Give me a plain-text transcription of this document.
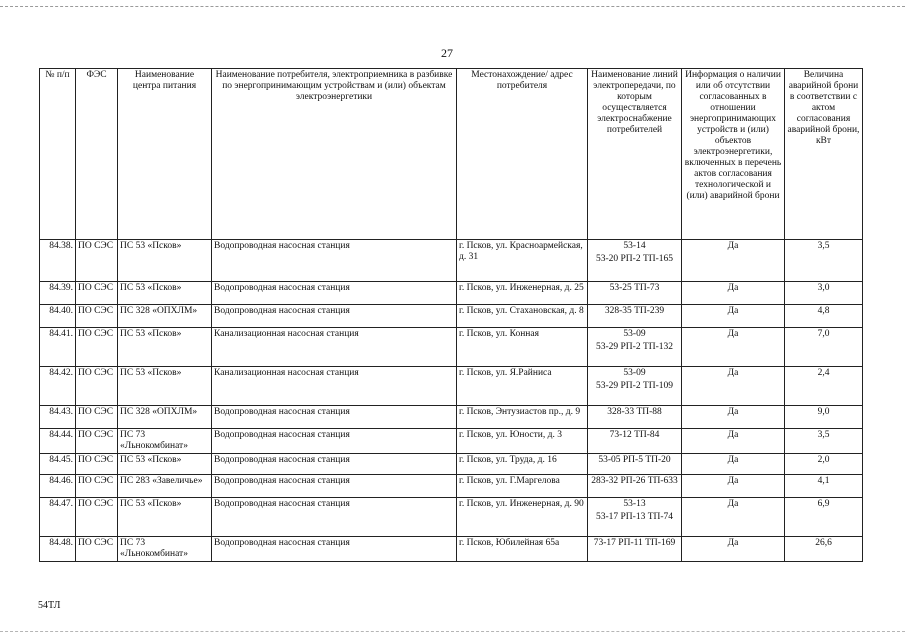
27
№ п/п	ФЭС	Наименование центра питания	Наименование потребителя, электроприемника в разбивке по энергопринимающим устройствам и (или) объектам электроэнергетики	Местонахождение/ адрес потребителя	Наименование линий электропередачи, по которым осуществляется электроснабжение потребителей	Информация о наличии или об отсутствии согласованных в отношении энергопринимающих устройств и (или) объектов электроэнергетики, включенных в перечень актов согласования технологической и (или) аварийной брони	Величина аварийной брони в соответствии с актом согласования аварийной брони, кВт
84.38.	ПО СЭС	ПС 53 «Псков»	Водопроводная насосная станция	г. Псков, ул. Красноармейская, д. 31	53-14
53-20 РП-2 ТП-165	Да	3,5
84.39.	ПО СЭС	ПС 53 «Псков»	Водопроводная насосная станция	г. Псков, ул. Инженерная, д. 25	53-25 ТП-73	Да	3,0
84.40.	ПО СЭС	ПС 328 «ОПХЛМ»	Водопроводная насосная станция	г. Псков, ул. Стахановская, д. 8	328-35 ТП-239	Да	4,8
84.41.	ПО СЭС	ПС 53 «Псков»	Канализационная насосная станция	г. Псков, ул. Конная	53-09
53-29 РП-2 ТП-132	Да	7,0
84.42.	ПО СЭС	ПС 53 «Псков»	Канализационная насосная станция	г. Псков, ул. Я.Райниса	53-09
53-29 РП-2 ТП-109	Да	2,4
84.43.	ПО СЭС	ПС 328 «ОПХЛМ»	Водопроводная насосная станция	г. Псков, Энтузиастов пр., д. 9	328-33 ТП-88	Да	9,0
84.44.	ПО СЭС	ПС 73 «Льнокомбинат»	Водопроводная насосная станция	г. Псков, ул. Юности, д. 3	73-12 ТП-84	Да	3,5
84.45.	ПО СЭС	ПС 53 «Псков»	Водопроводная насосная станция	г. Псков, ул. Труда, д. 16	53-05 РП-5 ТП-20	Да	2,0
84.46.	ПО СЭС	ПС 283 «Завеличье»	Водопроводная насосная станция	г. Псков, ул. Г.Маргелова	283-32 РП-26 ТП-633	Да	4,1
84.47.	ПО СЭС	ПС 53 «Псков»	Водопроводная насосная станция	г. Псков, ул. Инженерная, д. 90	53-13
53-17 РП-13 ТП-74	Да	6,9
84.48.	ПО СЭС	ПС 73 «Льнокомбинат»	Водопроводная насосная станция	г. Псков, Юбилейная 65а	73-17 РП-11 ТП-169	Да	26,6
54ТЛ
